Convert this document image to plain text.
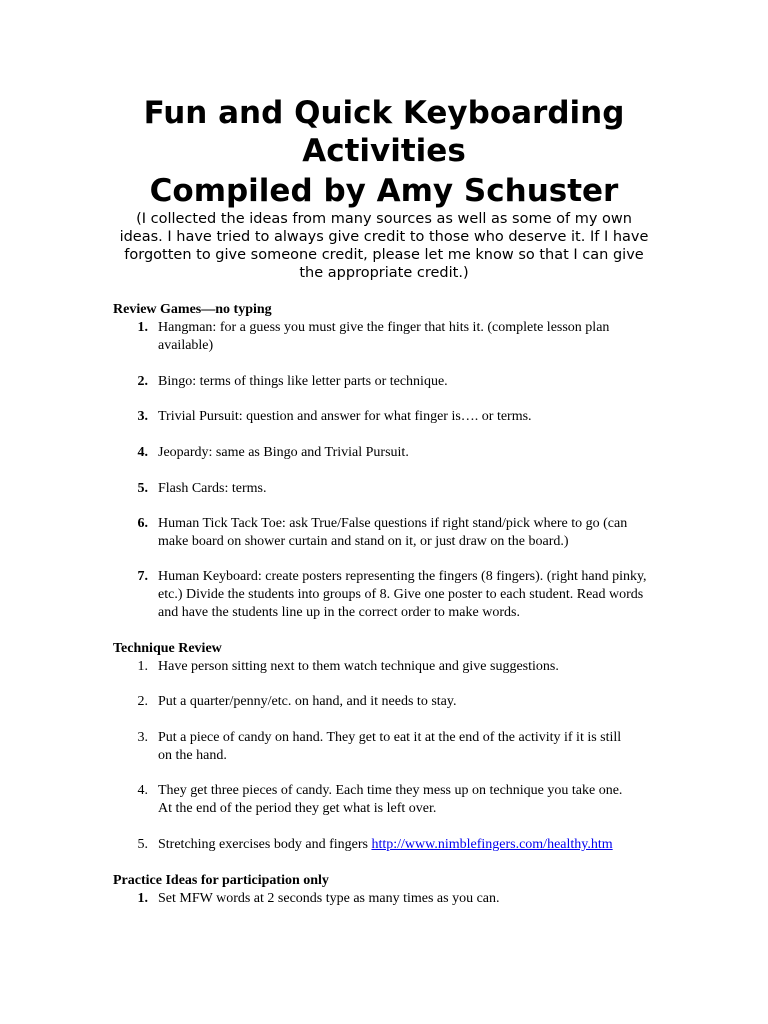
Fun and Quick Keyboarding
Activities
Compiled by Amy Schuster

(I collected the ideas from many sources as well as some of my own ideas. I have tried to always give credit to those who deserve it. If I have forgotten to give someone credit, please let me know so that I can give the appropriate credit.)

Review Games—no typing

1. Hangman: for a guess you must give the finger that hits it. (complete lesson plan available)
2. Bingo: terms of things like letter parts or technique.
3. Trivial Pursuit: question and answer for what finger is…. or terms.
4. Jeopardy: same as Bingo and Trivial Pursuit.
5. Flash Cards: terms.
6. Human Tick Tack Toe: ask True/False questions if right stand/pick where to go (can make board on shower curtain and stand on it, or just draw on the board.)
7. Human Keyboard: create posters representing the fingers (8 fingers). (right hand pinky, etc.) Divide the students into groups of 8. Give one poster to each student. Read words and have the students line up in the correct order to make words.

Technique Review

1. Have person sitting next to them watch technique and give suggestions.
2. Put a quarter/penny/etc. on hand, and it needs to stay.
3. Put a piece of candy on hand. They get to eat it at the end of the activity if it is still on the hand.
4. They get three pieces of candy. Each time they mess up on technique you take one. At the end of the period they get what is left over.
5. Stretching exercises body and fingers http://www.nimblefingers.com/healthy.htm

Practice Ideas for participation only

1. Set MFW words at 2 seconds type as many times as you can.
